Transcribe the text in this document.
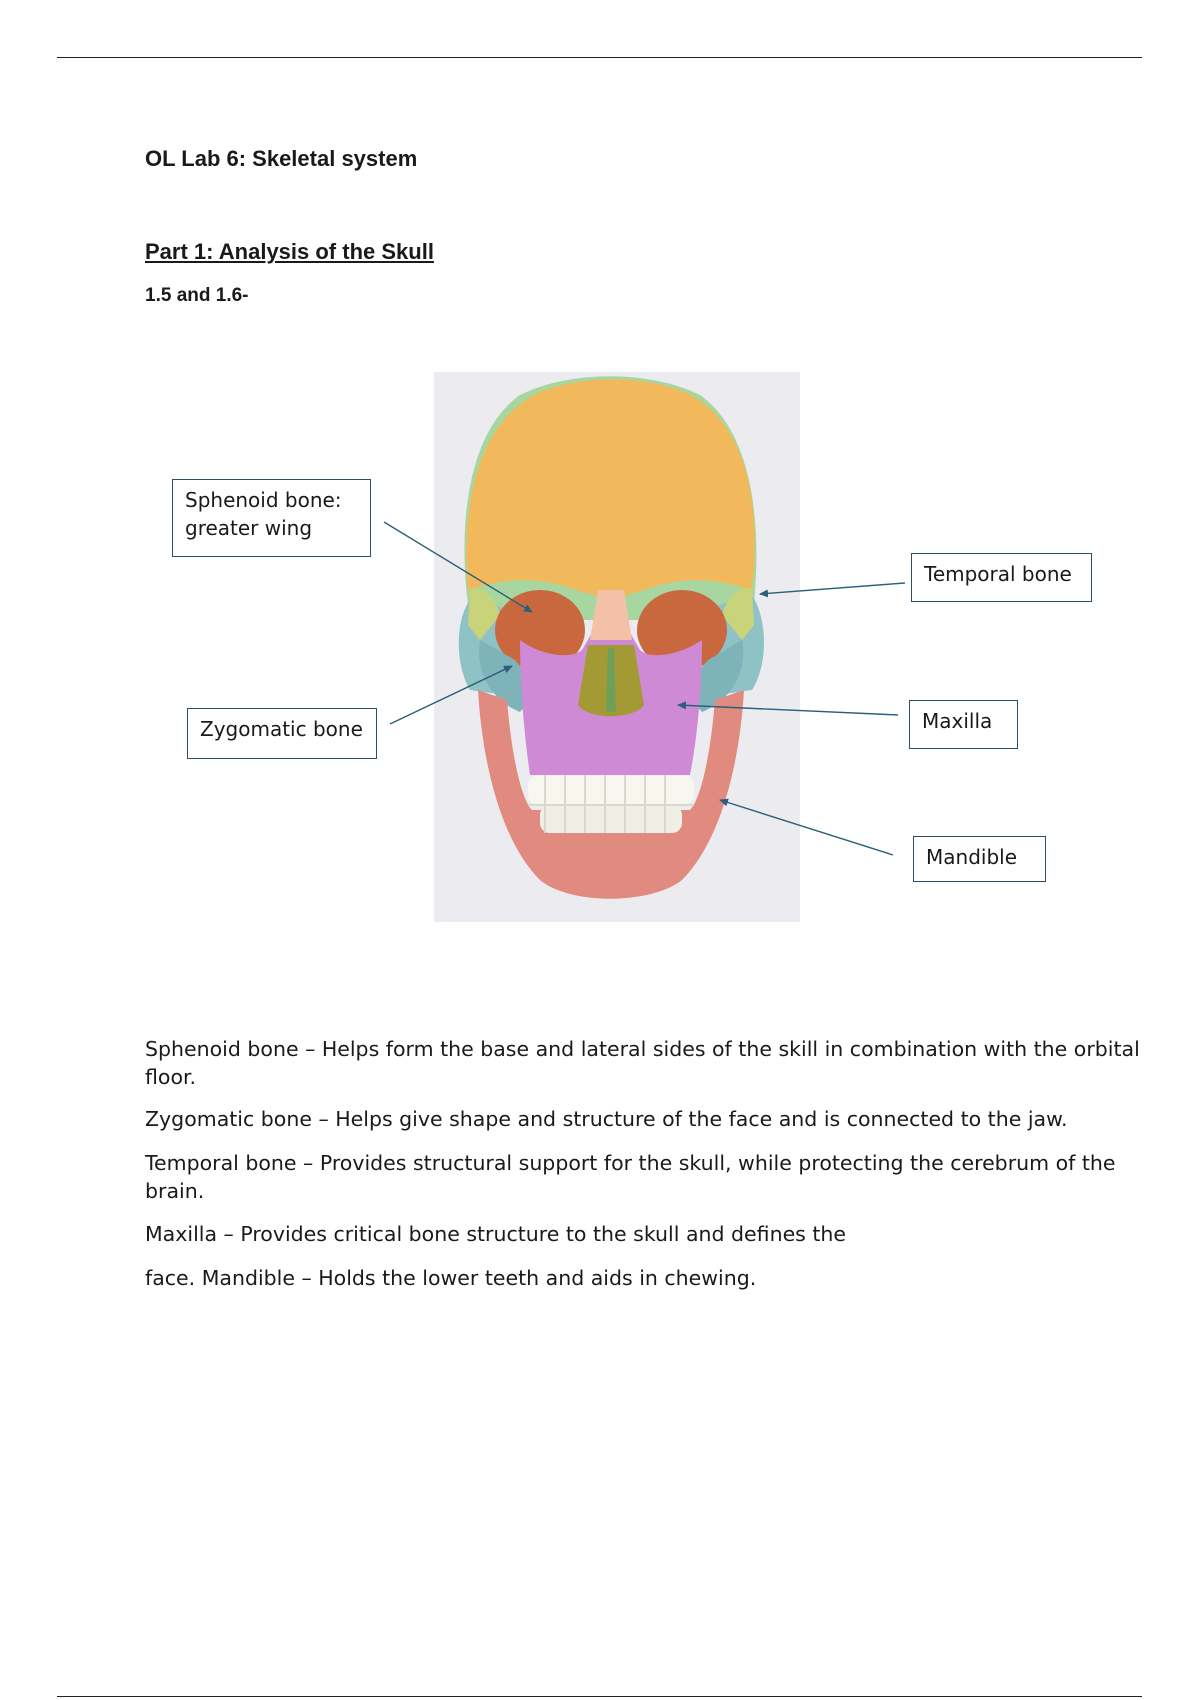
OL Lab 6: Skeletal system
Part 1: Analysis of the Skull
1.5 and 1.6-
Sphenoid bone: greater wing
Zygomatic bone
Temporal bone
Maxilla
Mandible
Sphenoid bone – Helps form the base and lateral sides of the skill in combination with the orbital floor.
Zygomatic bone – Helps give shape and structure of the face and is connected to the jaw.
Temporal bone – Provides structural support for the skull, while protecting the cerebrum of the brain.
Maxilla – Provides critical bone structure to the skull and defines the
face. Mandible – Holds the lower teeth and aids in chewing.
